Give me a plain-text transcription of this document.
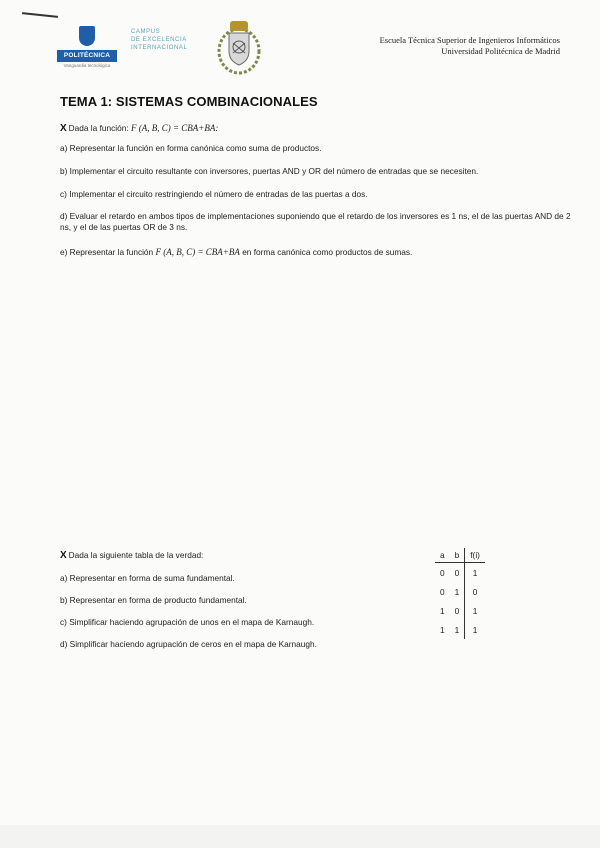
POLITÉCNICA
Vanguardia tecnológica
CAMPUS
DE EXCELENCIA
INTERNACIONAL
Escuela Técnica Superior de Ingenieros Informáticos
Universidad Politécnica de Madrid
TEMA 1: SISTEMAS COMBINACIONALES
X Dada la función: F (A, B, C) = CBA+BA:
a) Representar la función en forma canónica como suma de productos.
b) Implementar el circuito resultante con inversores, puertas AND y OR del número de entradas que se necesiten.
c) Implementar el circuito restringiendo el número de entradas de las puertas a dos.
d) Evaluar el retardo en ambos tipos de implementaciones suponiendo que el retardo de los inversores es 1 ns, el de las puertas AND de 2 ns, y el de las puertas OR de 3 ns.
e) Representar la función F (A, B, C) = CBA+BA en forma canónica como productos de sumas.
X Dada la siguiente tabla de la verdad:
a) Representar en forma de suma fundamental.
b) Representar en forma de producto fundamental.
c) Simplificar haciendo agrupación de unos en el mapa de Karnaugh.
d) Simplificar haciendo agrupación de ceros en el mapa de Karnaugh.
a	b	f(i)
0	0	1
0	1	0
1	0	1
1	1	1
